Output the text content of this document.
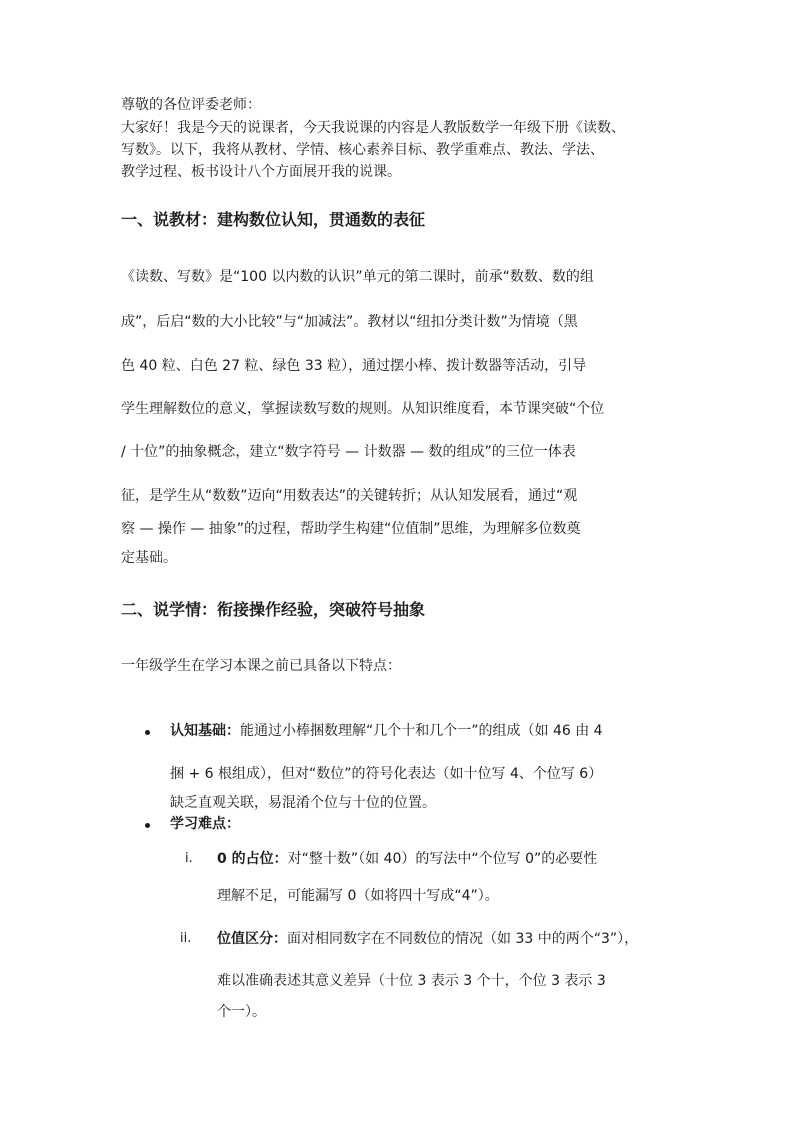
尊敬的各位评委老师：
大家好！我是今天的说课者，今天我说课的内容是人教版数学一年级下册《读数、
写数》。以下，我将从教材、学情、核心素养目标、教学重难点、教法、学法、
教学过程、板书设计八个方面展开我的说课。
一、说教材：建构数位认知，贯通数的表征
《读数、写数》是“100 以内数的认识”单元的第二课时，前承“数数、数的组
成”，后启“数的大小比较”与“加减法”。教材以“纽扣分类计数”为情境（黑
色 40 粒、白色 27 粒、绿色 33 粒），通过摆小棒、拨计数器等活动，引导
学生理解数位的意义，掌握读数写数的规则。从知识维度看，本节课突破“个位
/ 十位”的抽象概念，建立“数字符号 — 计数器 — 数的组成”的三位一体表
征，是学生从“数数”迈向“用数表达”的关键转折；从认知发展看，通过“观
察 — 操作 — 抽象”的过程，帮助学生构建“位值制”思维，为理解多位数奠
定基础。
二、说学情：衔接操作经验，突破符号抽象
一年级学生在学习本课之前已具备以下特点：
认知基础：能通过小棒捆数理解“几个十和几个一”的组成（如 46 由 4
捆 + 6 根组成），但对“数位”的符号化表达（如十位写 4、个位写 6）
缺乏直观关联，易混淆个位与十位的位置。
学习难点：
i. 0 的占位：对“整十数”（如 40）的写法中“个位写 0”的必要性
理解不足，可能漏写 0（如将四十写成“4”）。
ii. 位值区分：面对相同数字在不同数位的情况（如 33 中的两个“3”），
难以准确表述其意义差异（十位 3 表示 3 个十，个位 3 表示 3
个一）。
